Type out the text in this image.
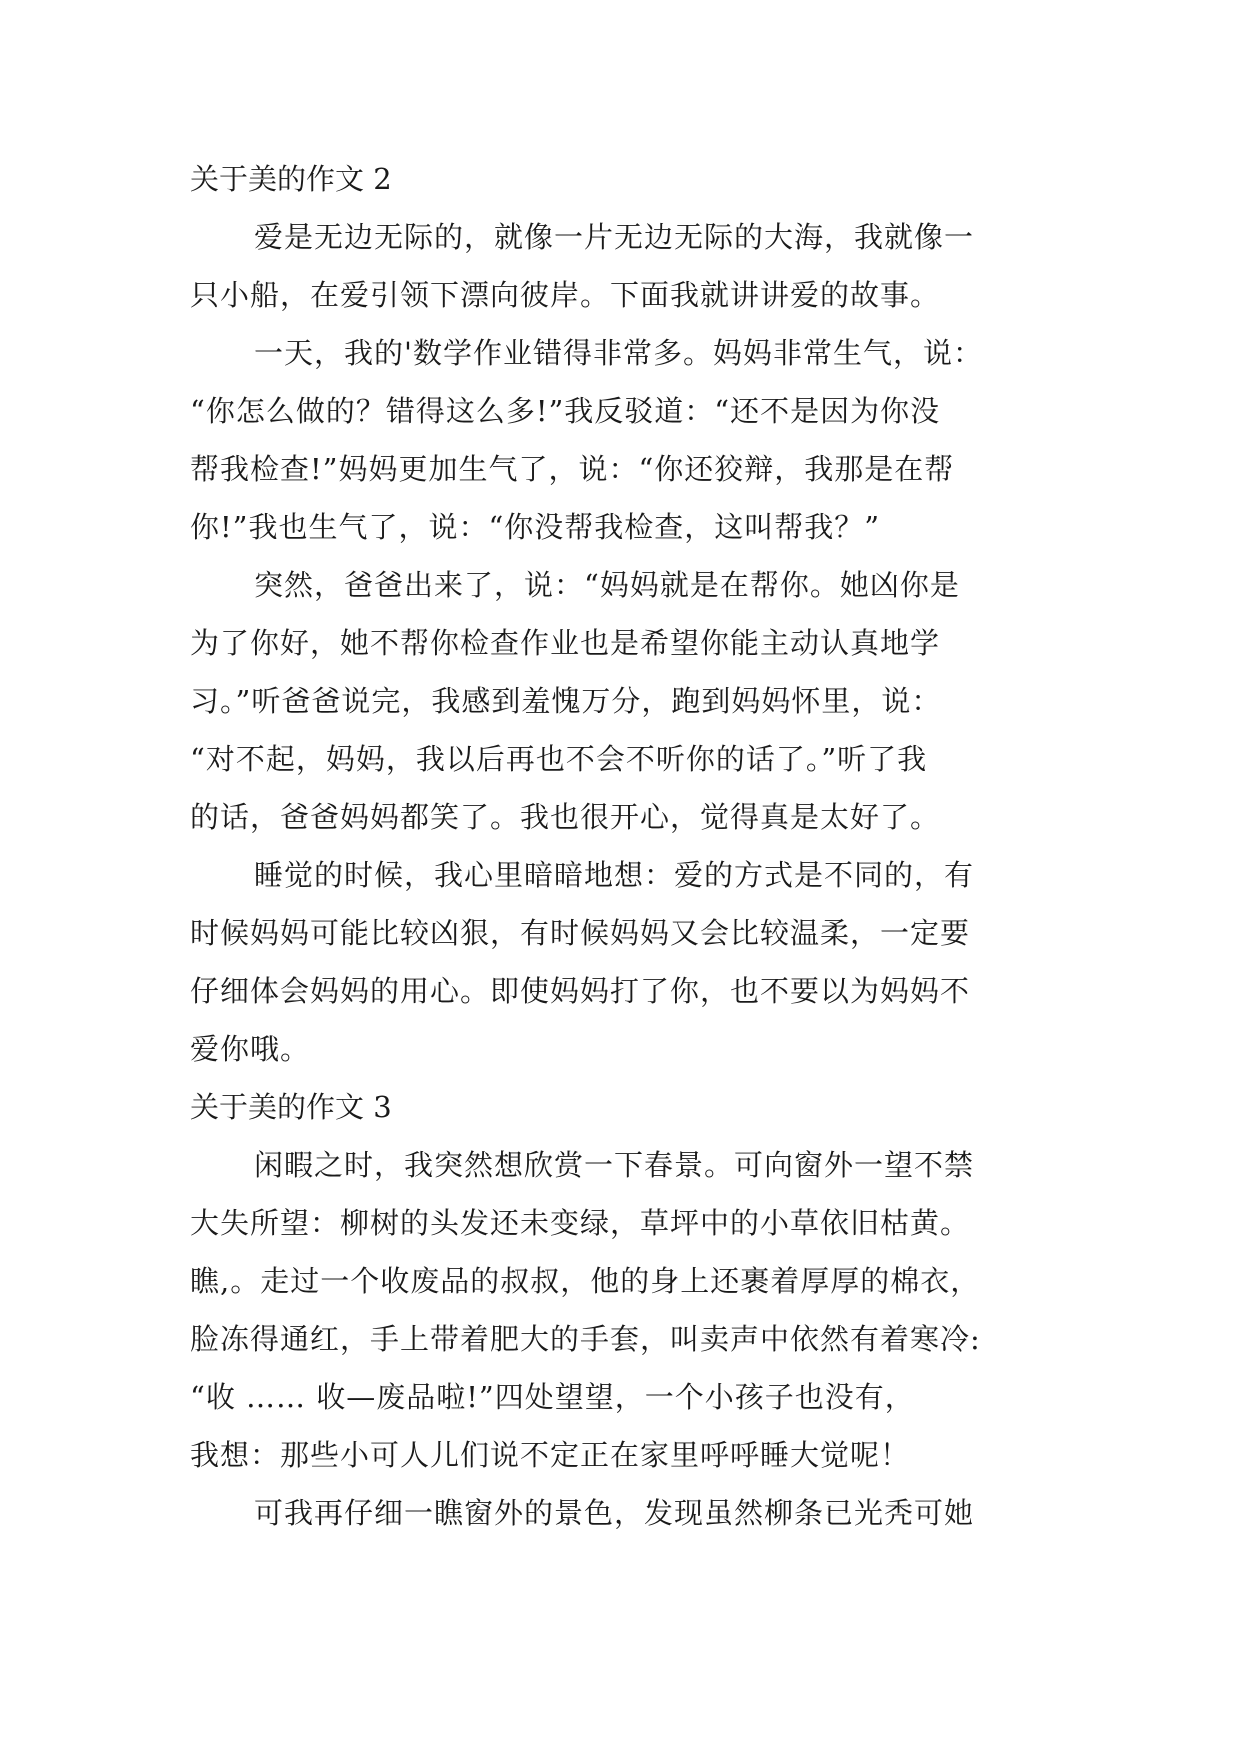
关于美的作文 2
爱是无边无际的，就像一片无边无际的大海，我就像一
只小船，在爱引领下漂向彼岸。下面我就讲讲爱的故事。
一天，我的'数学作业错得非常多。妈妈非常生气，说：
“你怎么做的？错得这么多!”我反驳道：“还不是因为你没
帮我检查!”妈妈更加生气了，说：“你还狡辩，我那是在帮
你!”我也生气了，说：“你没帮我检查，这叫帮我？”
突然，爸爸出来了，说：“妈妈就是在帮你。她凶你是
为了你好，她不帮你检查作业也是希望你能主动认真地学
习。”听爸爸说完，我感到羞愧万分，跑到妈妈怀里，说：
“对不起，妈妈，我以后再也不会不听你的话了。”听了我
的话，爸爸妈妈都笑了。我也很开心，觉得真是太好了。
睡觉的时候，我心里暗暗地想：爱的方式是不同的，有
时候妈妈可能比较凶狠，有时候妈妈又会比较温柔，一定要
仔细体会妈妈的用心。即使妈妈打了你，也不要以为妈妈不
爱你哦。
关于美的作文 3
闲暇之时，我突然想欣赏一下春景。可向窗外一望不禁
大失所望：柳树的头发还未变绿，草坪中的小草依旧枯黄。
瞧,。走过一个收废品的叔叔，他的身上还裹着厚厚的棉衣，
脸冻得通红，手上带着肥大的手套，叫卖声中依然有着寒冷:
“收 …… 收—废品啦!”四处望望，一个小孩子也没有，
我想：那些小可人儿们说不定正在家里呼呼睡大觉呢！
可我再仔细一瞧窗外的景色，发现虽然柳条已光秃可她
